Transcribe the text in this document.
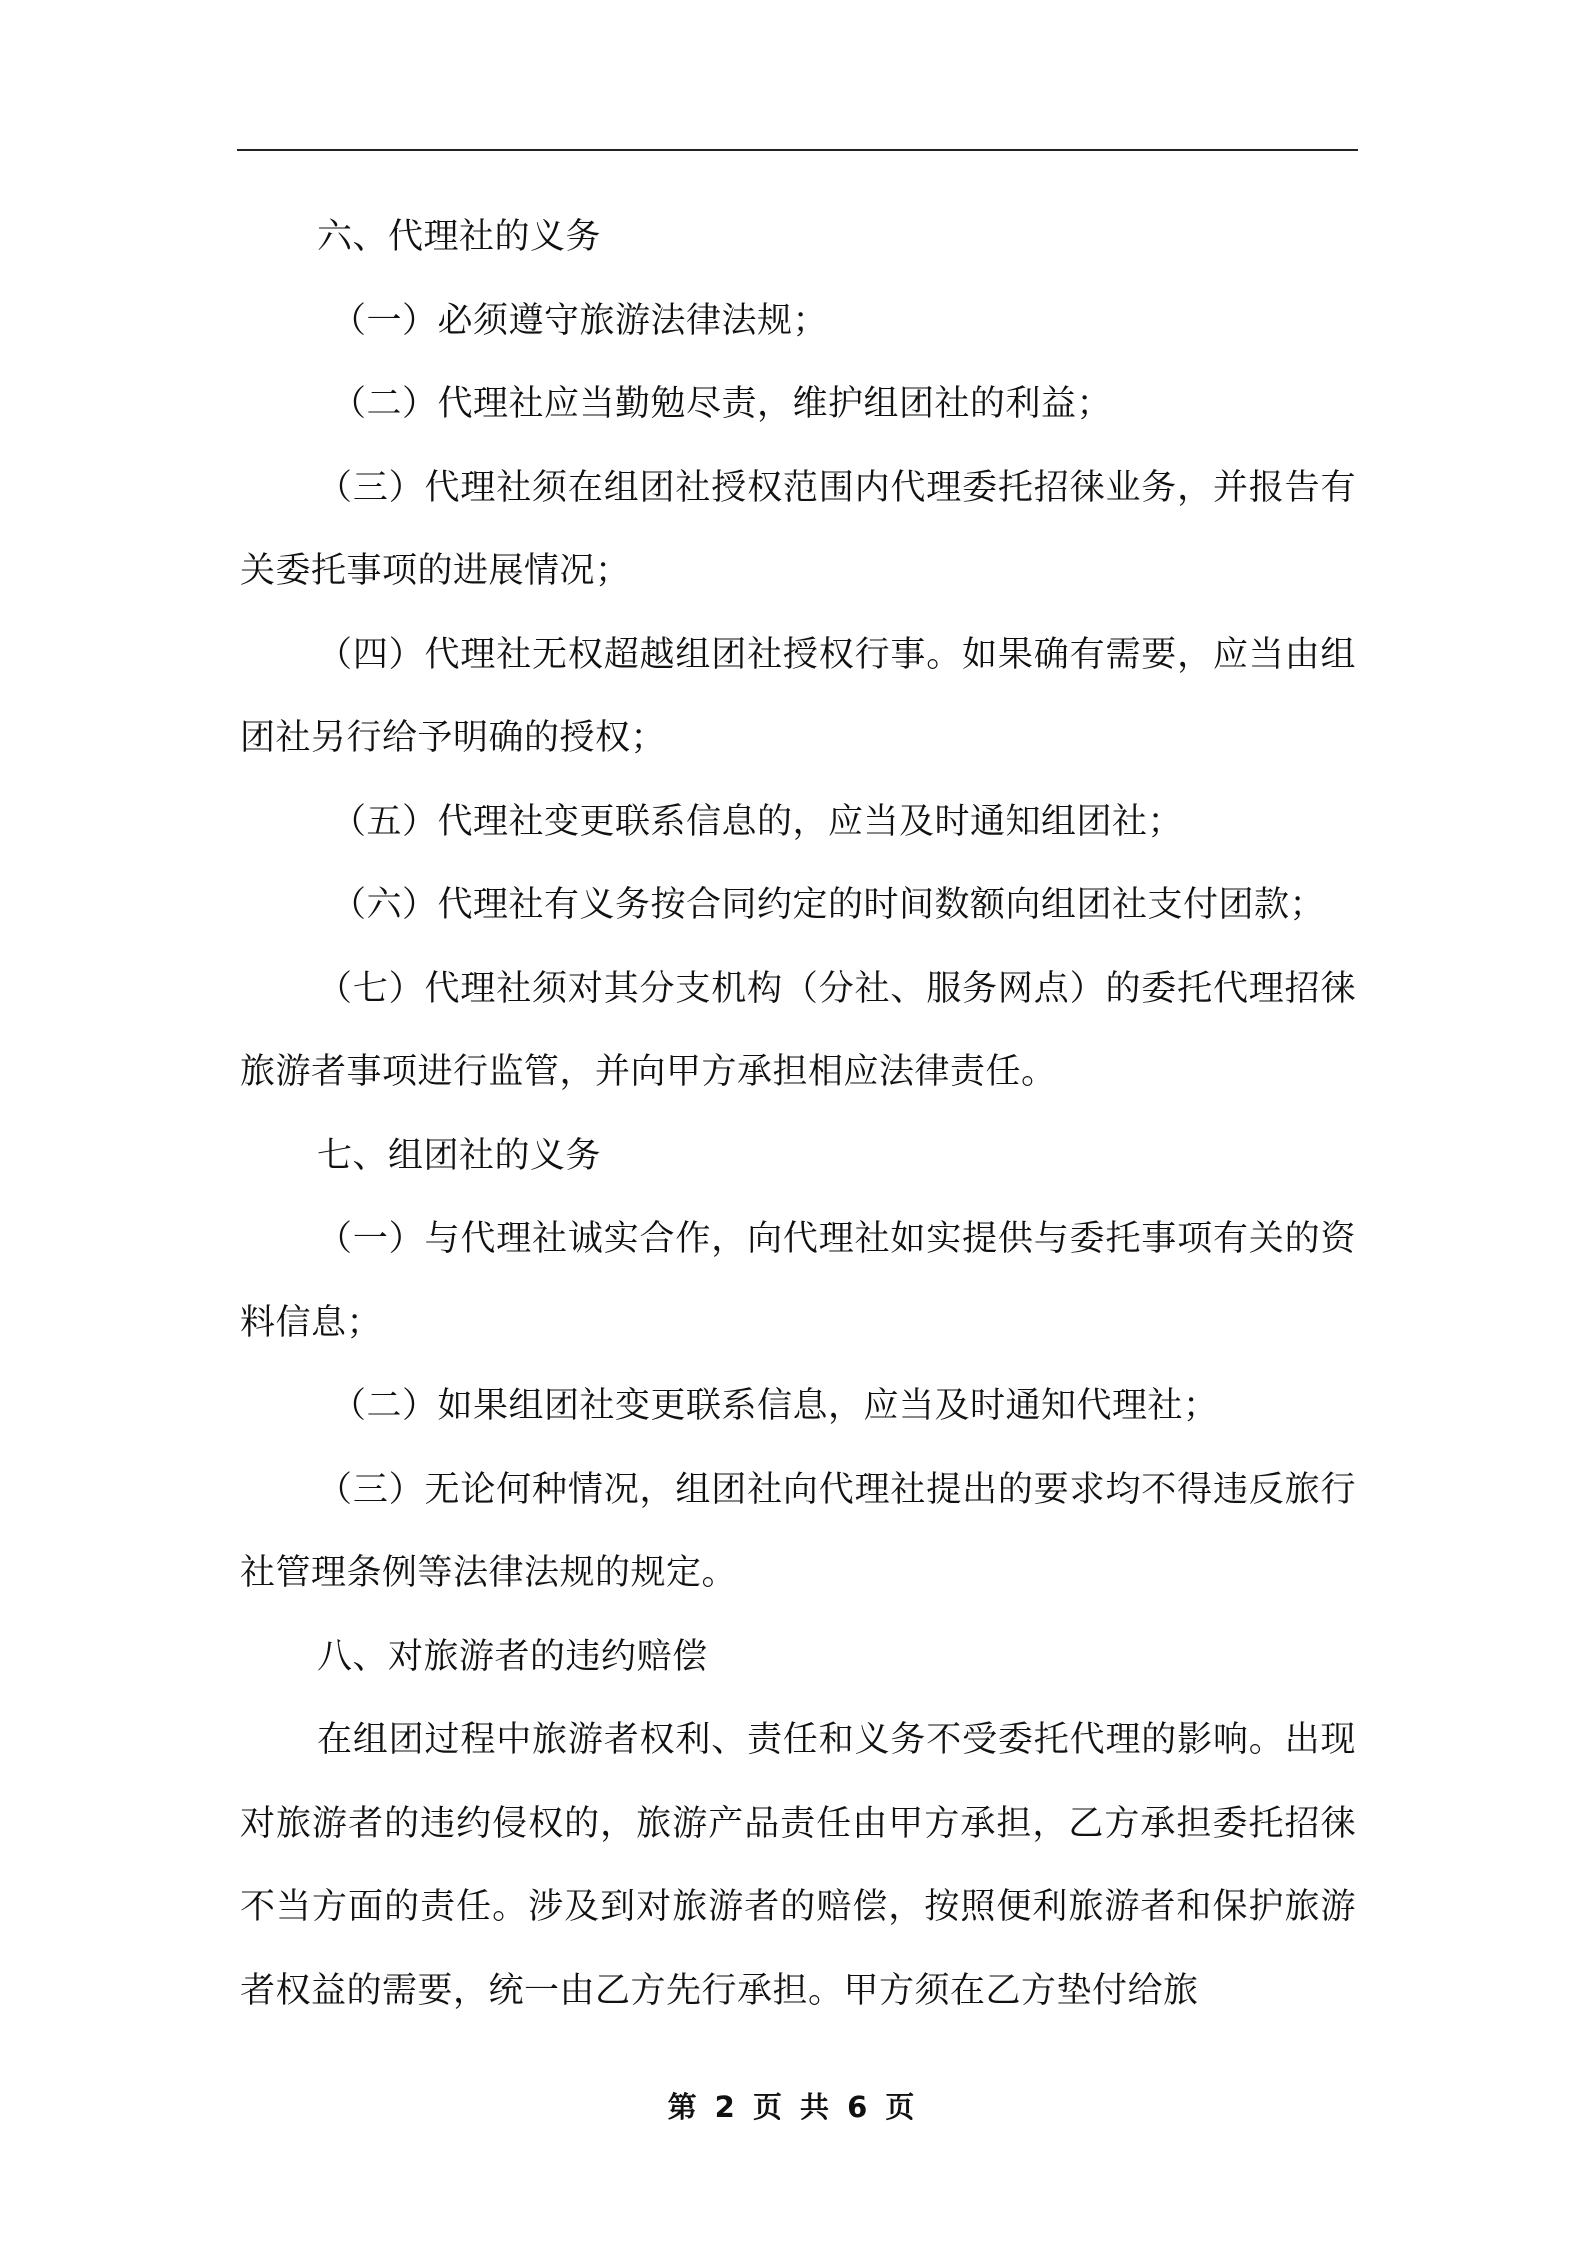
六、代理社的义务

（一）必须遵守旅游法律法规；

（二）代理社应当勤勉尽责，维护组团社的利益；

（三）代理社须在组团社授权范围内代理委托招徕业务，并报告有关委托事项的进展情况；

（四）代理社无权超越组团社授权行事。如果确有需要，应当由组团社另行给予明确的授权；

（五）代理社变更联系信息的，应当及时通知组团社；

（六）代理社有义务按合同约定的时间数额向组团社支付团款；

（七）代理社须对其分支机构（分社、服务网点）的委托代理招徕旅游者事项进行监管，并向甲方承担相应法律责任。

七、组团社的义务

（一）与代理社诚实合作，向代理社如实提供与委托事项有关的资料信息；

（二）如果组团社变更联系信息，应当及时通知代理社；

（三）无论何种情况，组团社向代理社提出的要求均不得违反旅行社管理条例等法律法规的规定。

八、对旅游者的违约赔偿

在组团过程中旅游者权利、责任和义务不受委托代理的影响。出现对旅游者的违约侵权的，旅游产品责任由甲方承担，乙方承担委托招徕不当方面的责任。涉及到对旅游者的赔偿，按照便利旅游者和保护旅游者权益的需要，统一由乙方先行承担。甲方须在乙方垫付给旅

第 2 页 共 6 页
